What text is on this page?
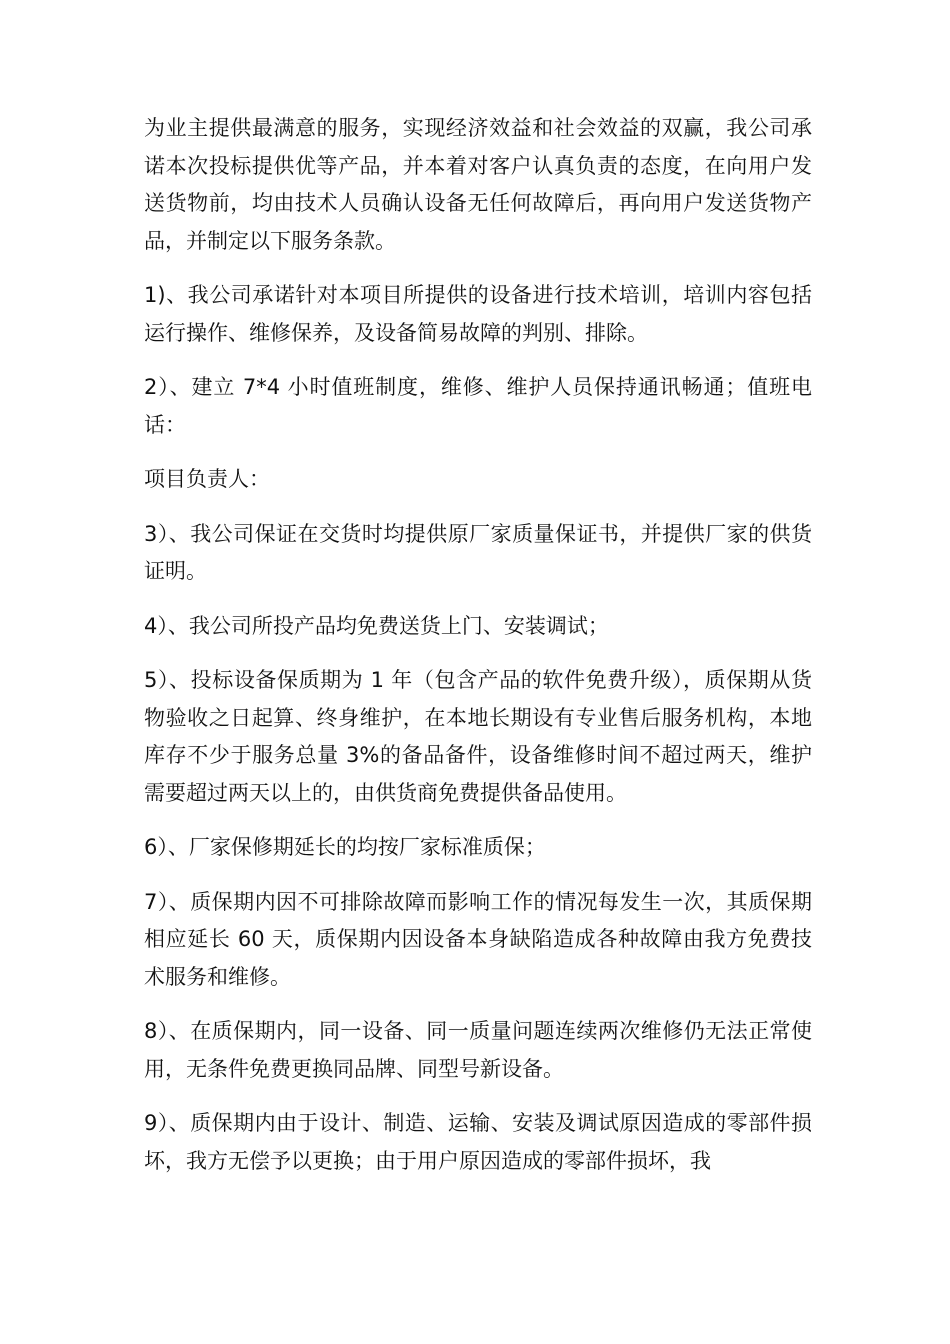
为业主提供最满意的服务，实现经济效益和社会效益的双赢，我公司承诺本次投标提供优等产品，并本着对客户认真负责的态度，在向用户发送货物前，均由技术人员确认设备无任何故障后，再向用户发送货物产品，并制定以下服务条款。

1)、我公司承诺针对本项目所提供的设备进行技术培训，培训内容包括运行操作、维修保养，及设备简易故障的判别、排除。

2）、建立 7*4 小时值班制度，维修、维护人员保持通讯畅通；值班电话：

项目负责人：

3）、我公司保证在交货时均提供原厂家质量保证书，并提供厂家的供货证明。

4）、我公司所投产品均免费送货上门、安装调试；

5）、投标设备保质期为 1 年（包含产品的软件免费升级），质保期从货物验收之日起算、终身维护，在本地长期设有专业售后服务机构，本地库存不少于服务总量 3%的备品备件，设备维修时间不超过两天，维护需要超过两天以上的，由供货商免费提供备品使用。

6）、厂家保修期延长的均按厂家标准质保；

7）、质保期内因不可排除故障而影响工作的情况每发生一次，其质保期相应延长 60 天，质保期内因设备本身缺陷造成各种故障由我方免费技术服务和维修。

8）、在质保期内，同一设备、同一质量问题连续两次维修仍无法正常使用，无条件免费更换同品牌、同型号新设备。

9）、质保期内由于设计、制造、运输、安装及调试原因造成的零部件损坏，我方无偿予以更换；由于用户原因造成的零部件损坏，我
